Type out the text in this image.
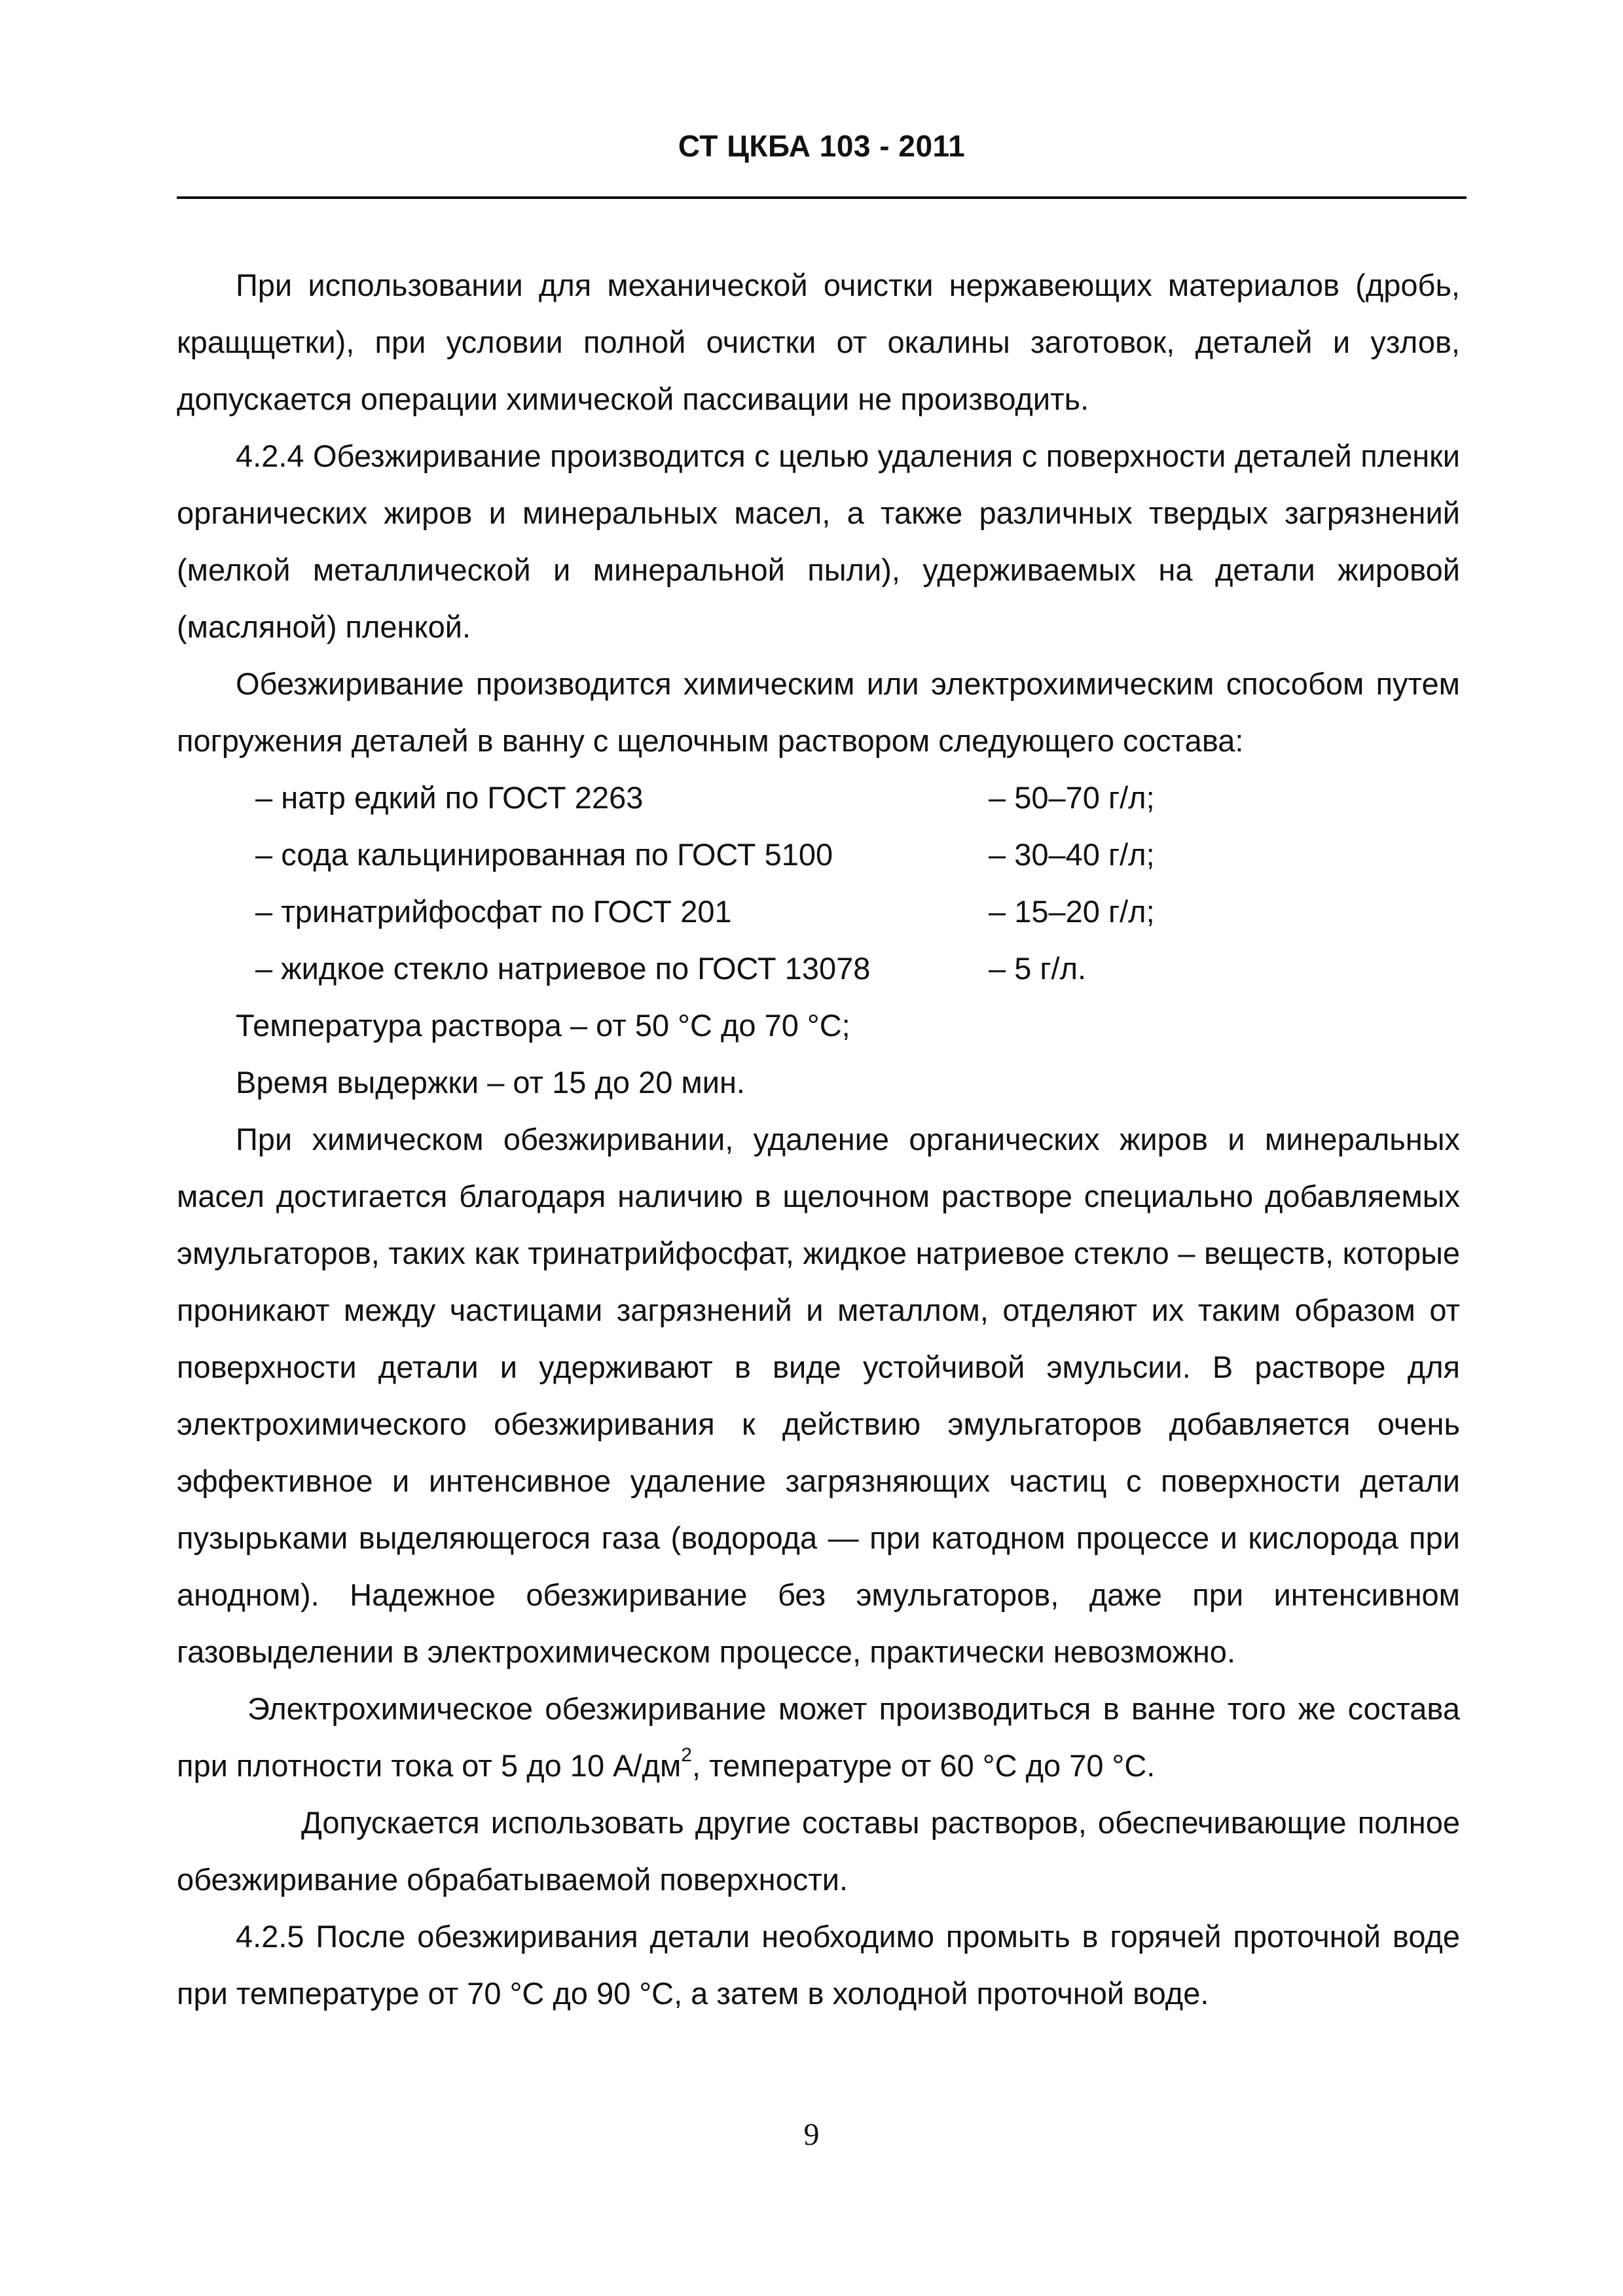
СТ ЦКБА 103 - 2011

При использовании для механической очистки нержавеющих материалов (дробь, кращщетки), при условии полной очистки от окалины заготовок, деталей и узлов, допускается операции химической пассивации не производить.

4.2.4 Обезжиривание производится с целью удаления с поверхности деталей пленки органических жиров и минеральных масел, а также различных твердых загрязнений (мелкой металлической и минеральной пыли), удерживаемых на детали жировой (масляной) пленкой.

Обезжиривание производится химическим или электрохимическим способом путем погружения деталей в ванну с щелочным раствором следующего состава:

– натр едкий по ГОСТ 2263	– 50–70 г/л;
– сода кальцинированная по ГОСТ 5100	– 30–40 г/л;
– тринатрийфосфат по ГОСТ 201	– 15–20 г/л;
– жидкое стекло натриевое по ГОСТ 13078	– 5 г/л.

Температура раствора – от 50 °С до 70 °С;

Время выдержки – от 15 до 20 мин.

При химическом обезжиривании, удаление органических жиров и минеральных масел достигается благодаря наличию в щелочном растворе специально добавляемых эмульгаторов, таких как тринатрийфосфат, жидкое натриевое стекло – веществ, которые проникают между частицами загрязнений и металлом, отделяют их таким образом от поверхности детали и удерживают в виде устойчивой эмульсии. В растворе для электрохимического обезжиривания к действию эмульгаторов добавляется очень эффективное и интенсивное удаление загрязняющих частиц с поверхности детали пузырьками выделяющегося газа (водорода — при катодном процессе и кислорода при анодном). Надежное обезжиривание без эмульгаторов, даже при интенсивном газовыделении в электрохимическом процессе, практически невозможно.

Электрохимическое обезжиривание может производиться в ванне того же состава при плотности тока от 5 до 10 $А/дм^2$, температуре от 60 °С до 70 °С.

Допускается использовать другие составы растворов, обеспечивающие полное обезжиривание обрабатываемой поверхности.

4.2.5 После обезжиривания детали необходимо промыть в горячей проточной воде при температуре от 70 °С до 90 °С, а затем в холодной проточной воде.

9
